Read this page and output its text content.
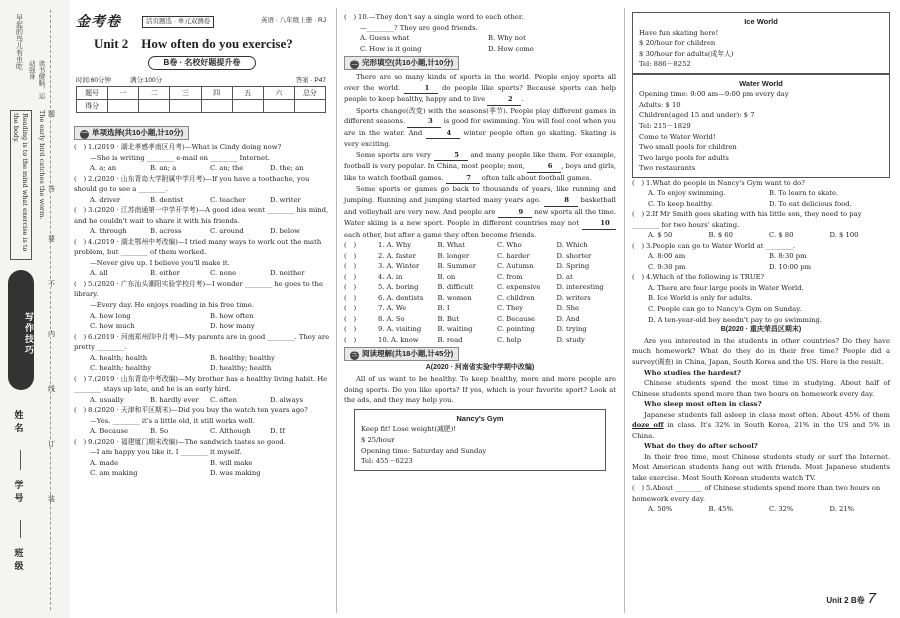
早起的鸟儿有虫吃
Reading is to the mind what exercise is to the body.	The early bird catches the worm.
读书健脑，运动强身
写作技巧
姓名
学号
班级
题
答
要
不
内
线
订
装
金考卷	活页题选 · 单元双测卷	英语 · 八年级上册 · RJ
Unit 2　How often do you exercise?
B卷 · 名校好题提升卷
时间:60分钟	满分:100分	答案 · P47
题号	一	二	三	四	五	六	总分
得分							
一 单项选择(共10小题,计10分)
(　) 1.(2019 · 湖北孝感孝南区月考)—What is Cindy doing now?
—She is writing ________ e-mail on ________ Internet.
A. a; an	B. an; a	C. an; the	D. the; an
(　) 2.(2020 · 山东青岛大学附属中学月考)—If you have a toothache, you should go to see a ________.
A. driver	B. dentist	C. teacher	D. writer
(　) 3.(2020 · 江苏南通第一中学开学考)—A good idea went ________ his mind, and he couldn't wait to share it with his friends.
A. through	B. across	C. around	D. below
(　) 4.(2019 · 湖北鄂州中考改编)—I tried many ways to work out the math problem, but ________ of them worked.
—Never give up. I believe you'll make it.
A. all	B. either	C. none	D. neither
(　) 5.(2020 · 广东汕头潮阳实验学校月考)—I wonder ________ he goes to the library.
—Every day. He enjoys reading in his free time.
A. how long	B. how often
C. how much	D. how many
(　) 6.(2019 · 河南郑州四中月考)—My parents are in good ________. They are pretty ________.
A. health; health	B. healthy; healthy
C. health; healthy	D. healthy; health
(　) 7.(2019 · 山东青岛中考改编)—My brother has a healthy living habit. He ________ stays up late, and he is an early bird.
A. usually	B. hardly ever	C. often	D. always
(　) 8.(2020 · 天津和平区期末)—Did you buy the watch ten years ago?
—Yes. ________ it's a little old, it still works well.
A. Because	B. So	C. Although	D. If
(　) 9.(2020 · 福建厦门期末改编)—The sandwich tastes so good.
—I am happy you like it. I ________ it myself.
A. made	B. will make
C. am making	D. was making
(　) 10.—They don't say a single word to each other.
—________? They are good friends.
A. Guess what	B. Why not
C. How is it going	D. How come
二 完形填空(共10小题,计10分)

There are so many kinds of sports in the world. People enjoy sports all over the world.	1 do people like sports? Because sports can help people to keep healthy, happy and to live	2 .

Sports change(改变) with the seasons(季节). People play different games in different seasons.	3 is good for swimming. You will feel cool when you are in the water. And	4 winter people often go skating. Skating is very exciting.

Some sports are very	5 and many people like them. For example, football is very popular. In China, most people; men,	6 , boys and girls, like to watch football games.	7 often talk about football games.

Some sports or games go back to thousands of years, like running and jumping. Running and jumping started many years ago.	8 basketball and volleyball are very new. And people are	9 new sports all the time. Water skiing is a new sport. People in different countries may not	10 each other, but after a game they often become friends.

(　)	1. A. Why	B. What	C. Who	D. Which
(　)	2. A. faster	B. longer	C. harder	D. shorter
(　)	3. A. Winter	B. Summer	C. Autumn	D. Spring
(　)	4. A. in	B. on	C. from	D. at
(　)	5. A. boring	B. difficult	C. expensive	D. interesting
(　)	6. A. dentists	B. women	C. children	D. writers
(　)	7. A. We	B. I	C. They	D. She
(　)	8. A. So	B. But	C. Because	D. And
(　)	9. A. visiting	B. waiting	C. pointing	D. trying
(　)	10. A. know	B. read	C. help	D. study
三 阅读理解(共18小题,计45分)
A(2020 · 河南省实验中学期中改编)

All of us want to be healthy. To keep healthy, more and more people are doing sports. Do you like sports? If yes, which is your favorite sport? Look at the ads, and they may help you.

Nancy's Gym
Keep fit! Lose weight(减肥)!
$ 25/hour
Opening time: Saturday and Sunday
Tel: 455－6223
Ice World
Have fun skating here!
$ 20/hour for children
$ 30/hour for adults(成年人)
Tel: 886－8252
Water World
Opening time: 9:00 am—9:00 pm every day
Adults: $ 10
Children(aged 15 and under): $ 7
Tel: 215－1829
Come to Water World!
Two small pools for children
Two large pools for adults
Two restaurants
(　) 1.What do people in Nancy's Gym want to do?
A. To enjoy swimming.	B. To learn to skate.
C. To keep healthy.	D. To eat delicious food.
(　) 2.If Mr Smith goes skating with his little son, they need to pay ________ for two hours' skating.
A. $ 50	B. $ 60	C. $ 80	D. $ 100
(　) 3.People can go to Water World at ________.
A. 8:00 am	B. 8:30 pm
C. 9:30 pm	D. 10:00 pm
(　) 4.Which of the following is TRUE?
A. There are four large pools in Water World.
B. Ice World is only for adults.
C. People can go to Nancy's Gym on Sunday.
D. A ten-year-old boy needn't pay to go swimming.
B(2020 · 重庆荣昌区期末)

Are you interested in the students in other countries? Do they have much homework? What do they do in their free time? People did a survey(调查) in China, Japan, South Korea and the US. Here is the result.

Who studies the hardest?

Chinese students spend the most time in studying. About half of Chinese students spend more than two hours on homework every day.

Who sleep most often in class?

Japanese students fall asleep in class most often. About 45% of them doze off in class. It's 32% in South Korea, 21% in the US and 5% in China.

What do they do after school?

In their free time, most Chinese students study or surf the Internet. Most American students hang out with friends. Most Japanese students take exercise. Most South Korean students watch TV.

(　) 5.About ________ of Chinese students spend more than two hours on homework every day.
A. 50%	B. 45%	C. 32%	D. 21%
Unit 2 B卷 7
